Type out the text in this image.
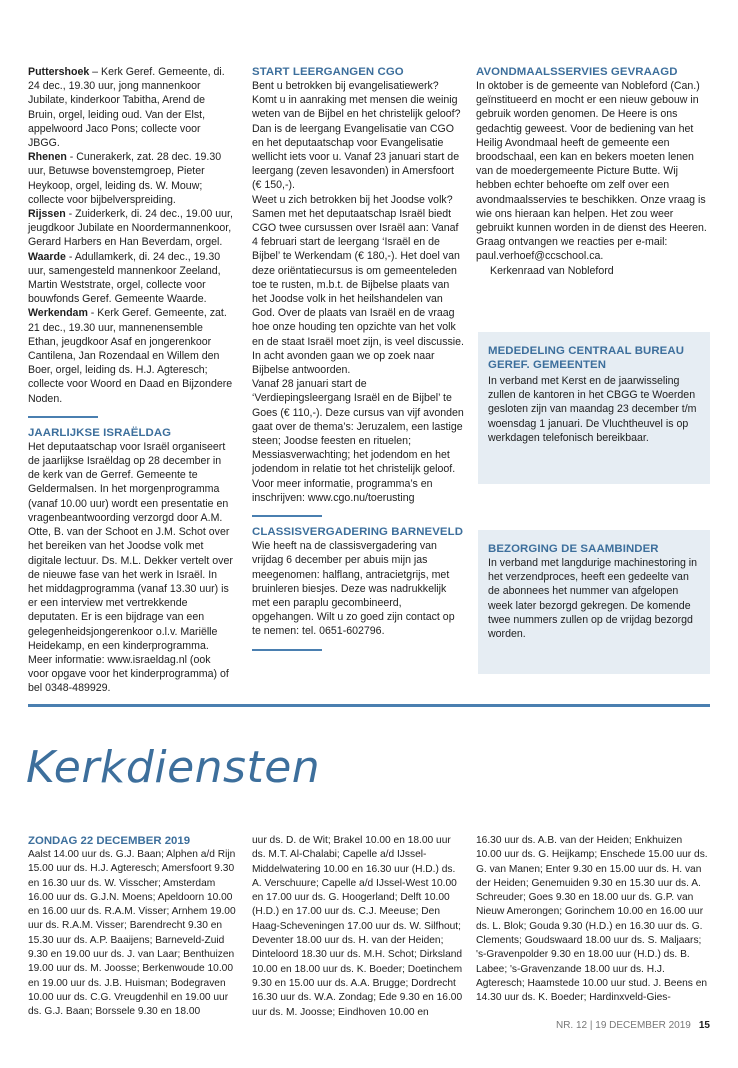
Puttershoek – Kerk Geref. Gemeente, di. 24 dec., 19.30 uur, jong mannenkoor Jubilate, kinderkoor Tabitha, Arend de Bruin, orgel, leiding oud. Van der Elst, appelwoord Jaco Pons; collecte voor JBGG.

Rhenen - Cunerakerk, zat. 28 dec. 19.30 uur, Betuwse bovenstemgroep, Pieter Heykoop, orgel, leiding ds. W. Mouw; collecte voor bijbelverspreiding.

Rijssen - Zuiderkerk, di. 24 dec., 19.00 uur, jeugdkoor Jubilate en Noordermannenkoor, Gerard Harbers en Han Beverdam, orgel.

Waarde - Adullamkerk, di. 24 dec., 19.30 uur, samengesteld mannenkoor Zeeland, Martin Weststrate, orgel, collecte voor bouwfonds Geref. Gemeente Waarde.

Werkendam - Kerk Geref. Gemeente, zat. 21 dec., 19.30 uur, mannenensemble Ethan, jeugdkoor Asaf en jongerenkoor Cantilena, Jan Rozendaal en Willem den Boer, orgel, leiding ds. H.J. Agteresch; collecte voor Woord en Daad en Bijzondere Noden.

JAARLIJKSE ISRAËLDAG

Het deputaatschap voor Israël organiseert de jaarlijkse Israëldag op 28 december in de kerk van de Gerref. Gemeente te Geldermalsen. In het morgenprogramma (vanaf 10.00 uur) wordt een presentatie en vragenbeantwoording verzorgd door A.M. Otte, B. van der Schoot en J.M. Schot over het bereiken van het Joodse volk met digitale lectuur. Ds. M.L. Dekker vertelt over de nieuwe fase van het werk in Israël. In het middagprogramma (vanaf 13.30 uur) is er een interview met vertrekkende deputaten. Er is een bijdrage van een gelegenheidsjongerenkoor o.l.v. Mariëlle Heidekamp, en een kinderprogramma. Meer informatie: www.israeldag.nl (ook voor opgave voor het kinderprogramma) of bel 0348-489929.

START LEERGANGEN CGO

Bent u betrokken bij evangelisatiewerk? Komt u in aanraking met mensen die weinig weten van de Bijbel en het christelijk geloof? Dan is de leergang Evangelisatie van CGO en het deputaatschap voor Evangelisatie wellicht iets voor u. Vanaf 23 januari start de leergang (zeven lesavonden) in Amersfoort (€ 150,-).

Weet u zich betrokken bij het Joodse volk? Samen met het deputaatschap Israël biedt CGO twee cursussen over Israël aan: Vanaf 4 februari start de leergang ‘Israël en de Bijbel’ te Werkendam (€ 180,-). Het doel van deze oriëntatiecursus is om gemeenteleden toe te rusten, m.b.t. de Bijbelse plaats van het Joodse volk in het heilshandelen van God. Over de plaats van Israël en de vraag hoe onze houding ten opzichte van het volk en de staat Israël moet zijn, is veel discussie. In acht avonden gaan we op zoek naar Bijbelse antwoorden.

Vanaf 28 januari start de ‘Verdiepingsleergang Israël en de Bijbel’ te Goes (€ 110,-). Deze cursus van vijf avonden gaat over de thema’s: Jeruzalem, een lastige steen; Joodse feesten en rituelen; Messiasverwachting; het jodendom en het jodendom in relatie tot het christelijk geloof.

Voor meer informatie, programma’s en inschrijven: www.cgo.nu/toerusting

CLASSISVERGADERING BARNEVELD

Wie heeft na de classisvergadering van vrijdag 6 december per abuis mijn jas meegenomen: halflang, antracietgrijs, met bruinleren biesjes. Deze was nadrukkelijk met een paraplu gecombineerd, opgehangen. Wilt u zo goed zijn contact op te nemen: tel. 0651-602796.

AVONDMAALSSERVIES GEVRAAGD

In oktober is de gemeente van Nobleford (Can.) geïnstitueerd en mocht er een nieuw gebouw in gebruik worden genomen. De Heere is ons gedachtig geweest. Voor de bediening van het Heilig Avondmaal heeft de gemeente een broodschaal, een kan en bekers moeten lenen van de moedergemeente Picture Butte. Wij hebben echter behoefte om zelf over een avondmaalsservies te beschikken. Onze vraag is wie ons hieraan kan helpen. Het zou weer gebruikt kunnen worden in de dienst des Heeren. Graag ontvangen we reacties per e-mail: paul.verhoef@ccschool.ca.

Kerkenraad van Nobleford

MEDEDELING CENTRAAL BUREAU GEREF. GEMEENTEN
In verband met Kerst en de jaarwisseling zullen de kantoren in het CBGG te Woerden gesloten zijn van maandag 23 december t/m woensdag 1 januari. De Vluchtheuvel is op werkdagen telefonisch bereikbaar.
BEZORGING DE SAAMBINDER
In verband met langdurige machinestoring in het verzendproces, heeft een gedeelte van de abonnees het nummer van afgelopen week later bezorgd gekregen. De komende twee nummers zullen op de vrijdag bezorgd worden.
Kerkdiensten
ZONDAG 22 DECEMBER 2019
Aalst 14.00 uur ds. G.J. Baan; Alphen a/d Rijn 15.00 uur ds. H.J. Agteresch; Amersfoort 9.30 en 16.30 uur ds. W. Visscher; Amsterdam 16.00 uur ds. G.J.N. Moens; Apeldoorn 10.00 en 16.00 uur ds. R.A.M. Visser; Arnhem 19.00 uur ds. R.A.M. Visser; Barendrecht 9.30 en 15.30 uur ds. A.P. Baaijens; Barneveld-Zuid 9.30 en 19.00 uur ds. J. van Laar; Benthuizen 19.00 uur ds. M. Joosse; Berkenwoude 10.00 en 19.00 uur ds. J.B. Huisman; Bodegraven 10.00 uur ds. C.G. Vreugdenhil en 19.00 uur ds. G.J. Baan; Borssele 9.30 en 18.00
uur ds. D. de Wit; Brakel 10.00 en 18.00 uur ds. M.T. Al-Chalabi; Capelle a/d IJssel-Middelwatering 10.00 en 16.30 uur (H.D.) ds. A. Verschuure; Capelle a/d IJssel-West 10.00 en 17.00 uur ds. G. Hoogerland; Delft 10.00 (H.D.) en 17.00 uur ds. C.J. Meeuse; Den Haag-Scheveningen 17.00 uur ds. W. Silfhout; Deventer 18.00 uur ds. H. van der Heiden; Dinteloord 18.30 uur ds. M.H. Schot; Dirksland 10.00 en 18.00 uur ds. K. Boeder; Doetinchem 9.30 en 15.00 uur ds. A.A. Brugge; Dordrecht 16.30 uur ds. W.A. Zondag; Ede 9.30 en 16.00 uur ds. M. Joosse; Eindhoven 10.00 en
16.30 uur ds. A.B. van der Heiden; Enkhuizen 10.00 uur ds. G. Heijkamp; Enschede 15.00 uur ds. G. van Manen; Enter 9.30 en 15.00 uur ds. H. van der Heiden; Genemuiden 9.30 en 15.30 uur ds. A. Schreuder; Goes 9.30 en 18.00 uur ds. G.P. van Nieuw Amerongen; Gorinchem 10.00 en 16.00 uur ds. L. Blok; Gouda 9.30 (H.D.) en 16.30 uur ds. G. Clements; Goudswaard 18.00 uur ds. S. Maljaars; 's-Gravenpolder 9.30 en 18.00 uur (H.D.) ds. B. Labee; 's-Gravenzande 18.00 uur ds. H.J. Agteresch; Haamstede 10.00 uur stud. J. Beens en 14.30 uur ds. K. Boeder; Hardinxveld-Gies-
NR. 12 | 19 DECEMBER 2019 15
